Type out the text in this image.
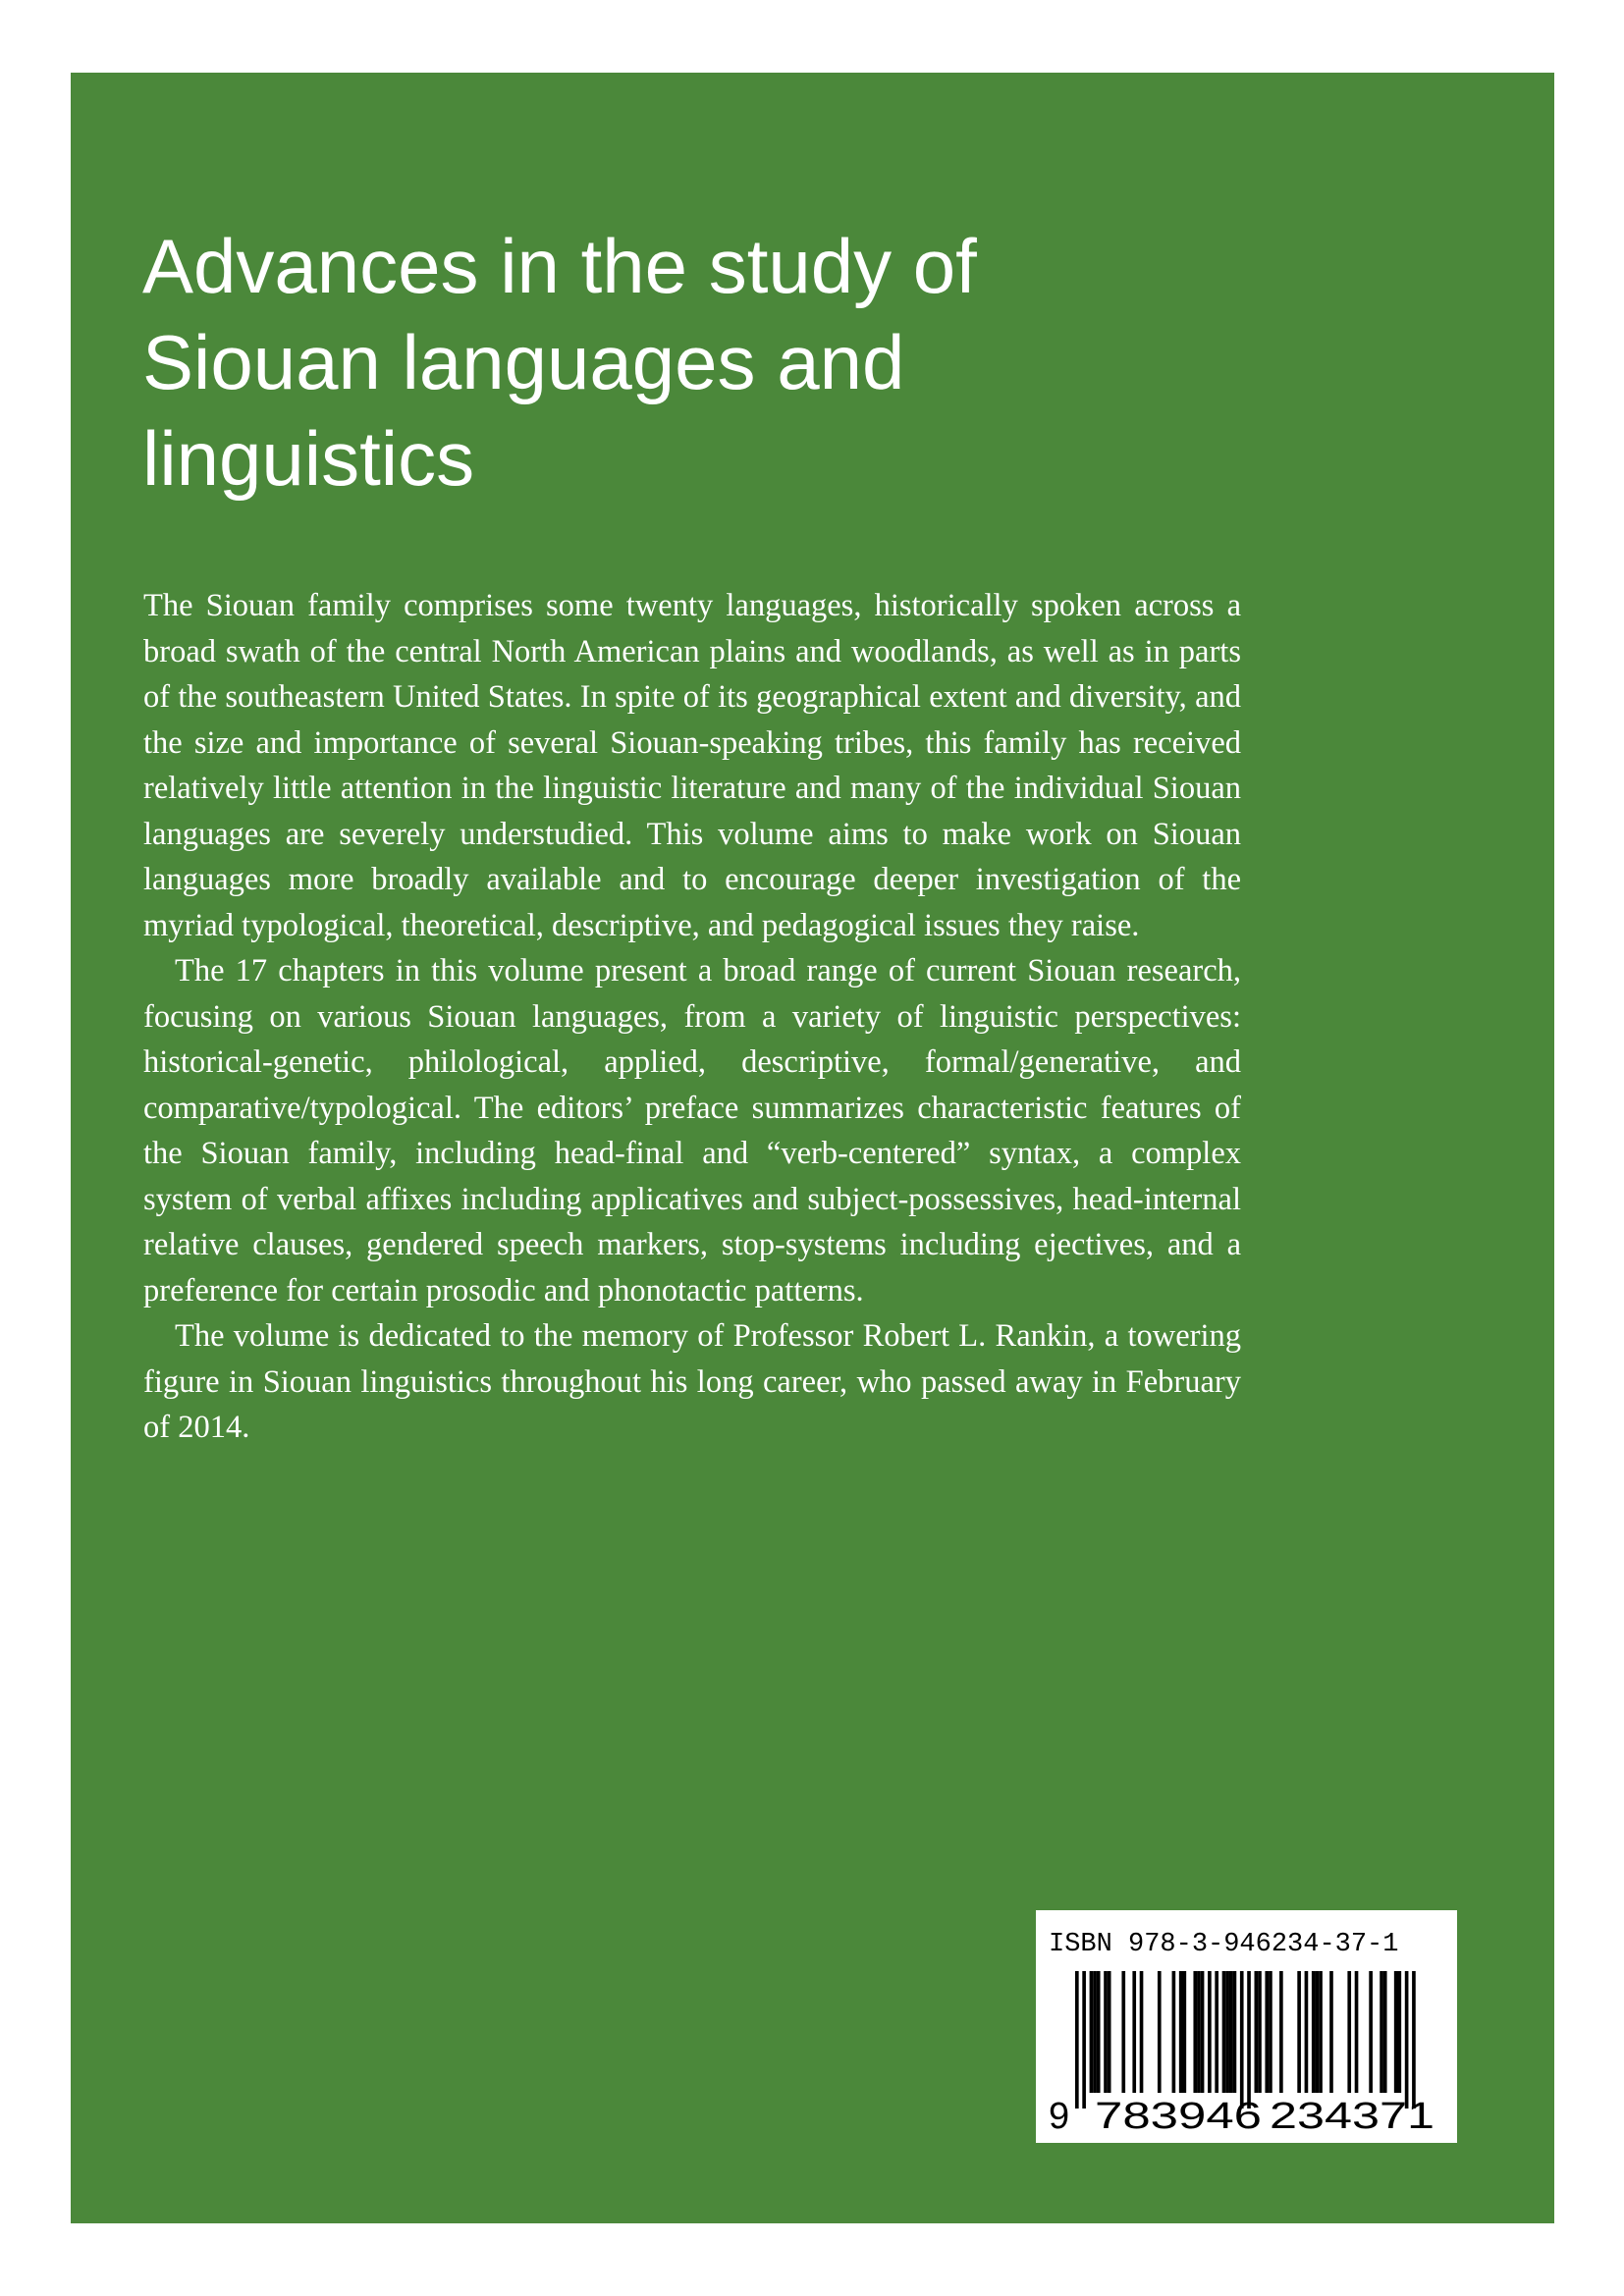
Advances in the study of
Siouan languages and
linguistics

The Siouan family comprises some twenty languages, historically spoken across a broad swath of the central North American plains and woodlands, as well as in parts of the southeastern United States. In spite of its geographical extent and diversity, and the size and importance of several Siouan-speaking tribes, this family has received relatively little attention in the linguistic literature and many of the individual Siouan languages are severely understudied. This volume aims to make work on Siouan languages more broadly available and to encourage deeper investigation of the myriad typological, theoretical, descriptive, and pedagogical issues they raise.

The 17 chapters in this volume present a broad range of current Siouan research, focusing on various Siouan languages, from a variety of linguistic perspectives: historical-genetic, philological, applied, descriptive, formal/generative, and comparative/typological. The editors’ preface summarizes characteristic features of the Siouan family, including head-final and “verb-centered” syntax, a complex system of verbal affixes including applicatives and subject-possessives, head-internal relative clauses, gendered speech markers, stop-systems including ejectives, and a preference for certain prosodic and phonotactic patterns.

The volume is dedicated to the memory of Professor Robert L. Rankin, a towering figure in Siouan linguistics throughout his long career, who passed away in February of 2014.

ISBN 978-3-946234-37-1
9 783946 234371
